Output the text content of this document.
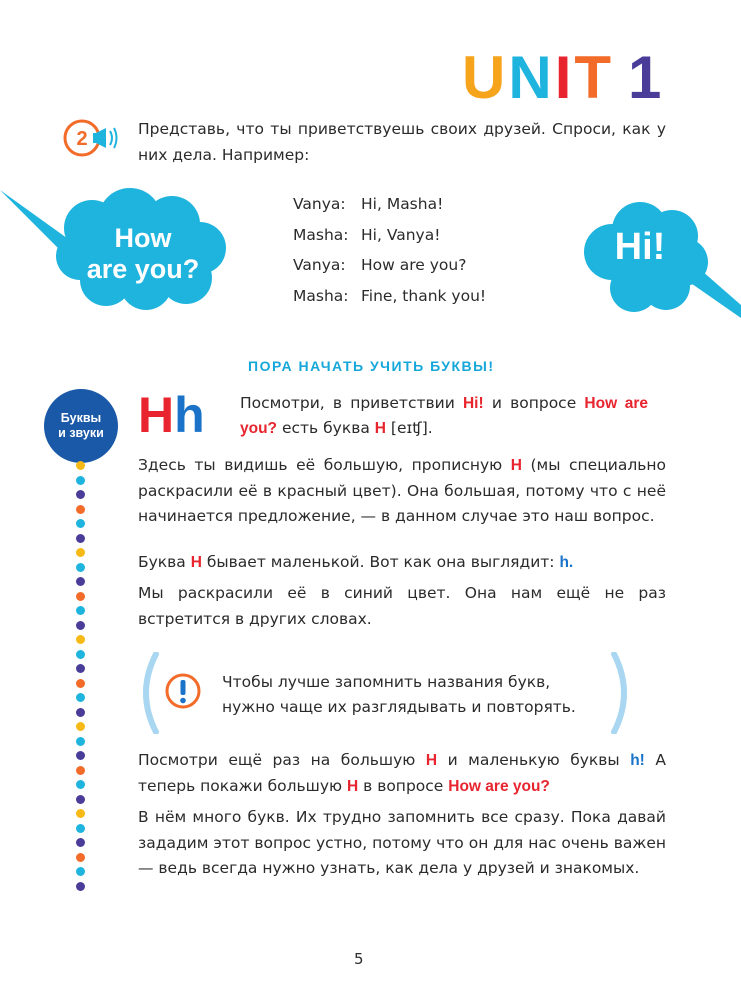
UNIT 1
2	Представь, что ты приветствуешь своих друзей. Спроси, как у них дела. Например:
How
are you?
Vanya: Hi, Masha!
Masha: Hi, Vanya!
Vanya: How are you?
Masha: Fine, thank you!
Hi!
ПОРА НАЧАТЬ УЧИТЬ БУКВЫ!
Буквы
и звуки Hh Посмотри, в приветствии Hi! и вопросе How are you? есть буква H [eɪʧ].
Здесь ты видишь её большую, прописную H (мы специально раскрасили её в красный цвет). Она большая, потому что с неё начинается предложение, — в данном случае это наш вопрос.
Буква H бывает маленькой. Вот как она выглядит: h.
Мы раскрасили её в синий цвет. Она нам ещё не раз встретится в других словах.
Чтобы лучше запомнить названия букв, нужно чаще их разглядывать и повторять.
Посмотри ещё раз на большую H и маленькую буквы h! А теперь покажи большую H в вопросе How are you?
В нём много букв. Их трудно запомнить все сразу. Пока давай зададим этот вопрос устно, потому что он для нас очень важен — ведь всегда нужно узнать, как дела у друзей и знакомых.
5
